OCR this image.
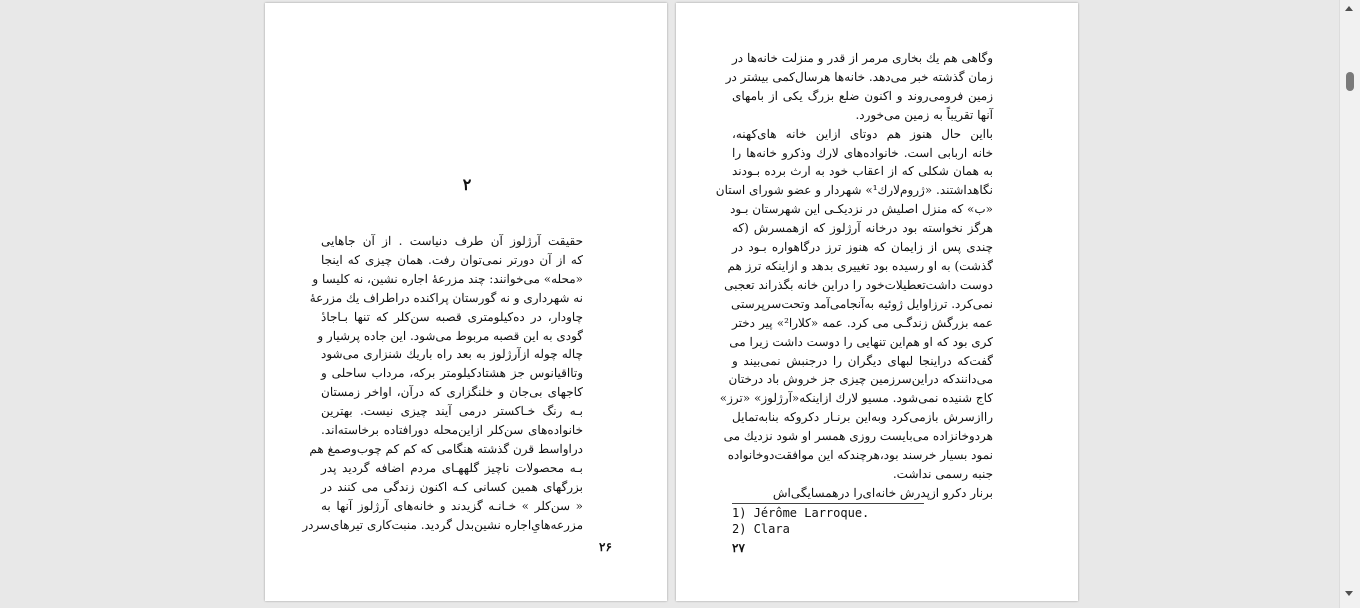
۲
حقیقت آرژلوز آن طرف دنیاست . از آن جاهایی
که از آن دورتر نمی‌توان رفت. همان چیزی که اینجا
«محله» می‌خوانند: چند مزرعهٔ اجاره نشین، نه کلیسا و
نه شهرداری و نه گورستان پراکنده دراطراف یك مزرعهٔ
چاودار، در ده‌کیلومتری قصبه سن‌کلر که تنها بـاجادٔ
گودی به این قصبه مربوط می‌شود. این جاده پرشیار و
چاله چوله ازآرژلوز به بعد راه باریك شنزاری می‌شود
وتااقیانوس جز هشتادکیلومتر برکه، مرداب ساحلی و
کاجهای بی‌جان و خلنگزاری که درآن، اواخر زمستان
بـه رنگ خـاکستر درمی آیند چیزی نیست. بهترین
خانواده‌های سن‌کلر ازاین‌محله دورافتاده برخاسته‌اند.
دراواسط قرن گذشته هنگامی که کم کم چوب‌وصمغ هم
بـه محصولات ناچیز گلههـای مردم اضافه گردید پدر
بزرگهای همین کسانی کـه اکنون زندگی می کنند در
« سن‌کلر » خـانـه گزیدند و خانه‌های آرژلوز آنها به
مزرعه‌هایِ‌اجاره نشین‌بدل گردید. منبت‌کاری تیرهای‌سردر
۲۶
وگاهی هم یك بخاری مرمر از قدر و منزلت خانه‌ها در
زمان گذشته خبر می‌دهد. خانه‌ها هرسال‌کمی بیشتر در
زمین فرومی‌روند و اکنون ضلع بزرگ یکی از بامهای
آنها تقریباً به زمین می‌خورد.
بااین حال هنوز هم دوتای ازاین خانه های‌کهنه،
خانه اربابی است. خانواده‌های لارك وذکرو خانه‌ها را
به همان شکلی که از اعقاب خود به ارث برده بـودند
نگاهداشتند. «ژروم‌لارك¹» شهردار و عضو شورای استان
«ب» که منزل اصلیش در نزدیکـی این شهرستان بـود
هرگز نخواسته بود درخانه آرژلوز که ازهمسرش (که
چندی پس از زایمان که هنوز ترز درگاهواره بـود در
گذشت) به او رسیده بود تغییری بدهد و ازاینکه ترز هم
دوست داشت‌تعطیلات‌خود را دراین خانه بگذراند تعجبی
نمی‌کرد. ترزاوایل ژوئیه به‌آنجامی‌آمد وتحت‌سرپرستی
عمه بزرگش زندگـی می کرد. عمه «کلارا²» پیر دختر
کری بود که او هم‌این تنهایی را دوست داشت زیرا می‌
گفت‌که دراینجا لبهای دیگران را درجنبش نمی‌بیند و
می‌دانندکه دراین‌سرزمین چیزی جز خروش باد درختان
کاج شنیده نمی‌شود. مسیو لارك ازاینکه«آرژلوز» «ترز»
راازسرش بازمی‌کرد وبه‌این برنـار دکروکه بنابه‌تمایل
هردوخانزاده می‌بایست روزی همسر او شود نزدیك می‌
نمود بسیار خرسند بود،هرچندکه این موافقت‌دوخانواده
جنبه رسمی نداشت.
برنار دکرو ازپدرش خانه‌ای‌را درهمسایگی‌اش
1) Jérôme Larroque.
2) Clara
۲۷
